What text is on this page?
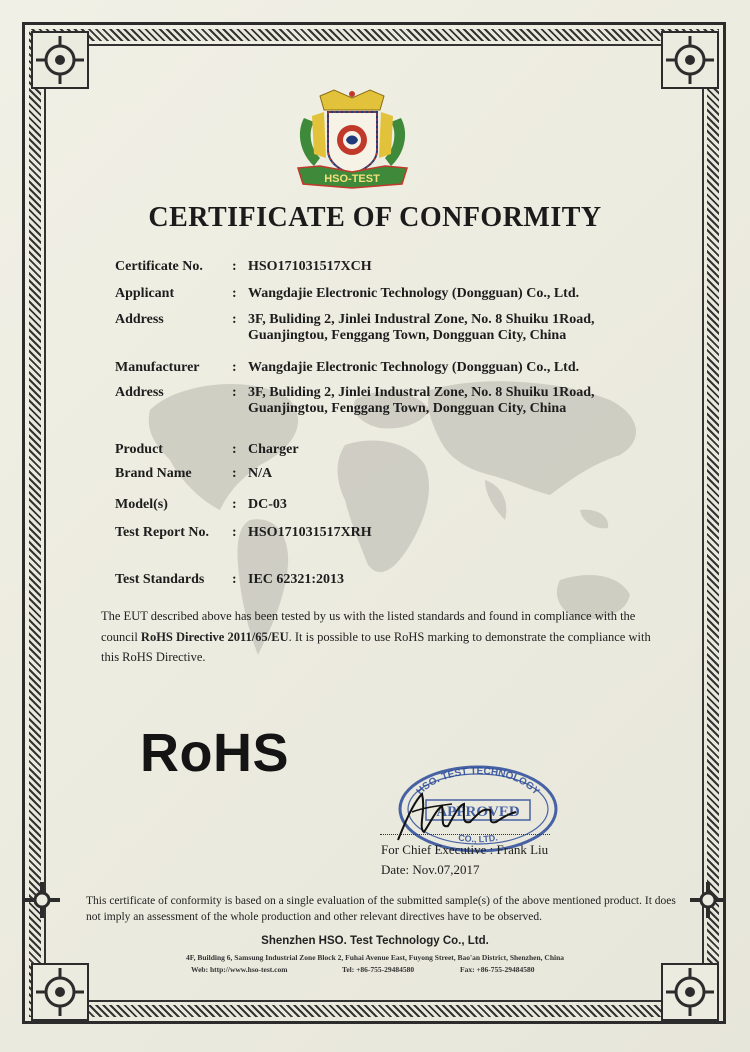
HSO-TEST
CERTIFICATE OF CONFORMITY
Certificate No.	: HSO171031517XCH
Applicant	: Wangdajie Electronic Technology (Dongguan) Co., Ltd.
Address	: 3F, Buliding 2, Jinlei Industral Zone, No. 8 Shuiku 1Road,
Guanjingtou, Fenggang Town, Dongguan City, China
Manufacturer	: Wangdajie Electronic Technology (Dongguan) Co., Ltd.
Address	: 3F, Buliding 2, Jinlei Industral Zone, No. 8 Shuiku 1Road,
Guanjingtou, Fenggang Town, Dongguan City, China
Product	: Charger
Brand Name	: N/A
Model(s)	: DC-03
Test Report No.	: HSO171031517XRH
Test Standards	: IEC 62321:2013
The EUT described above has been tested by us with the listed standards and found in compliance with the council RoHS Directive 2011/65/EU. It is possible to use RoHS marking to demonstrate the compliance with this RoHS Directive.
RoHS
HSO. TEST TECHNOLOGY
APPROVED
CO., LTD.
For Chief Executive : Frank Liu
Date: Nov.07,2017
This certificate of conformity is based on a single evaluation of the submitted sample(s) of the above mentioned product. It does not imply an assessment of the whole production and other relevant directives have to be observed.
Shenzhen HSO. Test Technology Co., Ltd.
4F, Building 6, Samsung Industrial Zone Block 2, Fuhai Avenue East, Fuyong Street, Bao'an District, Shenzhen, China
Web: http://www.hso-test.com	Tel: +86-755-29484580	Fax: +86-755-29484580
